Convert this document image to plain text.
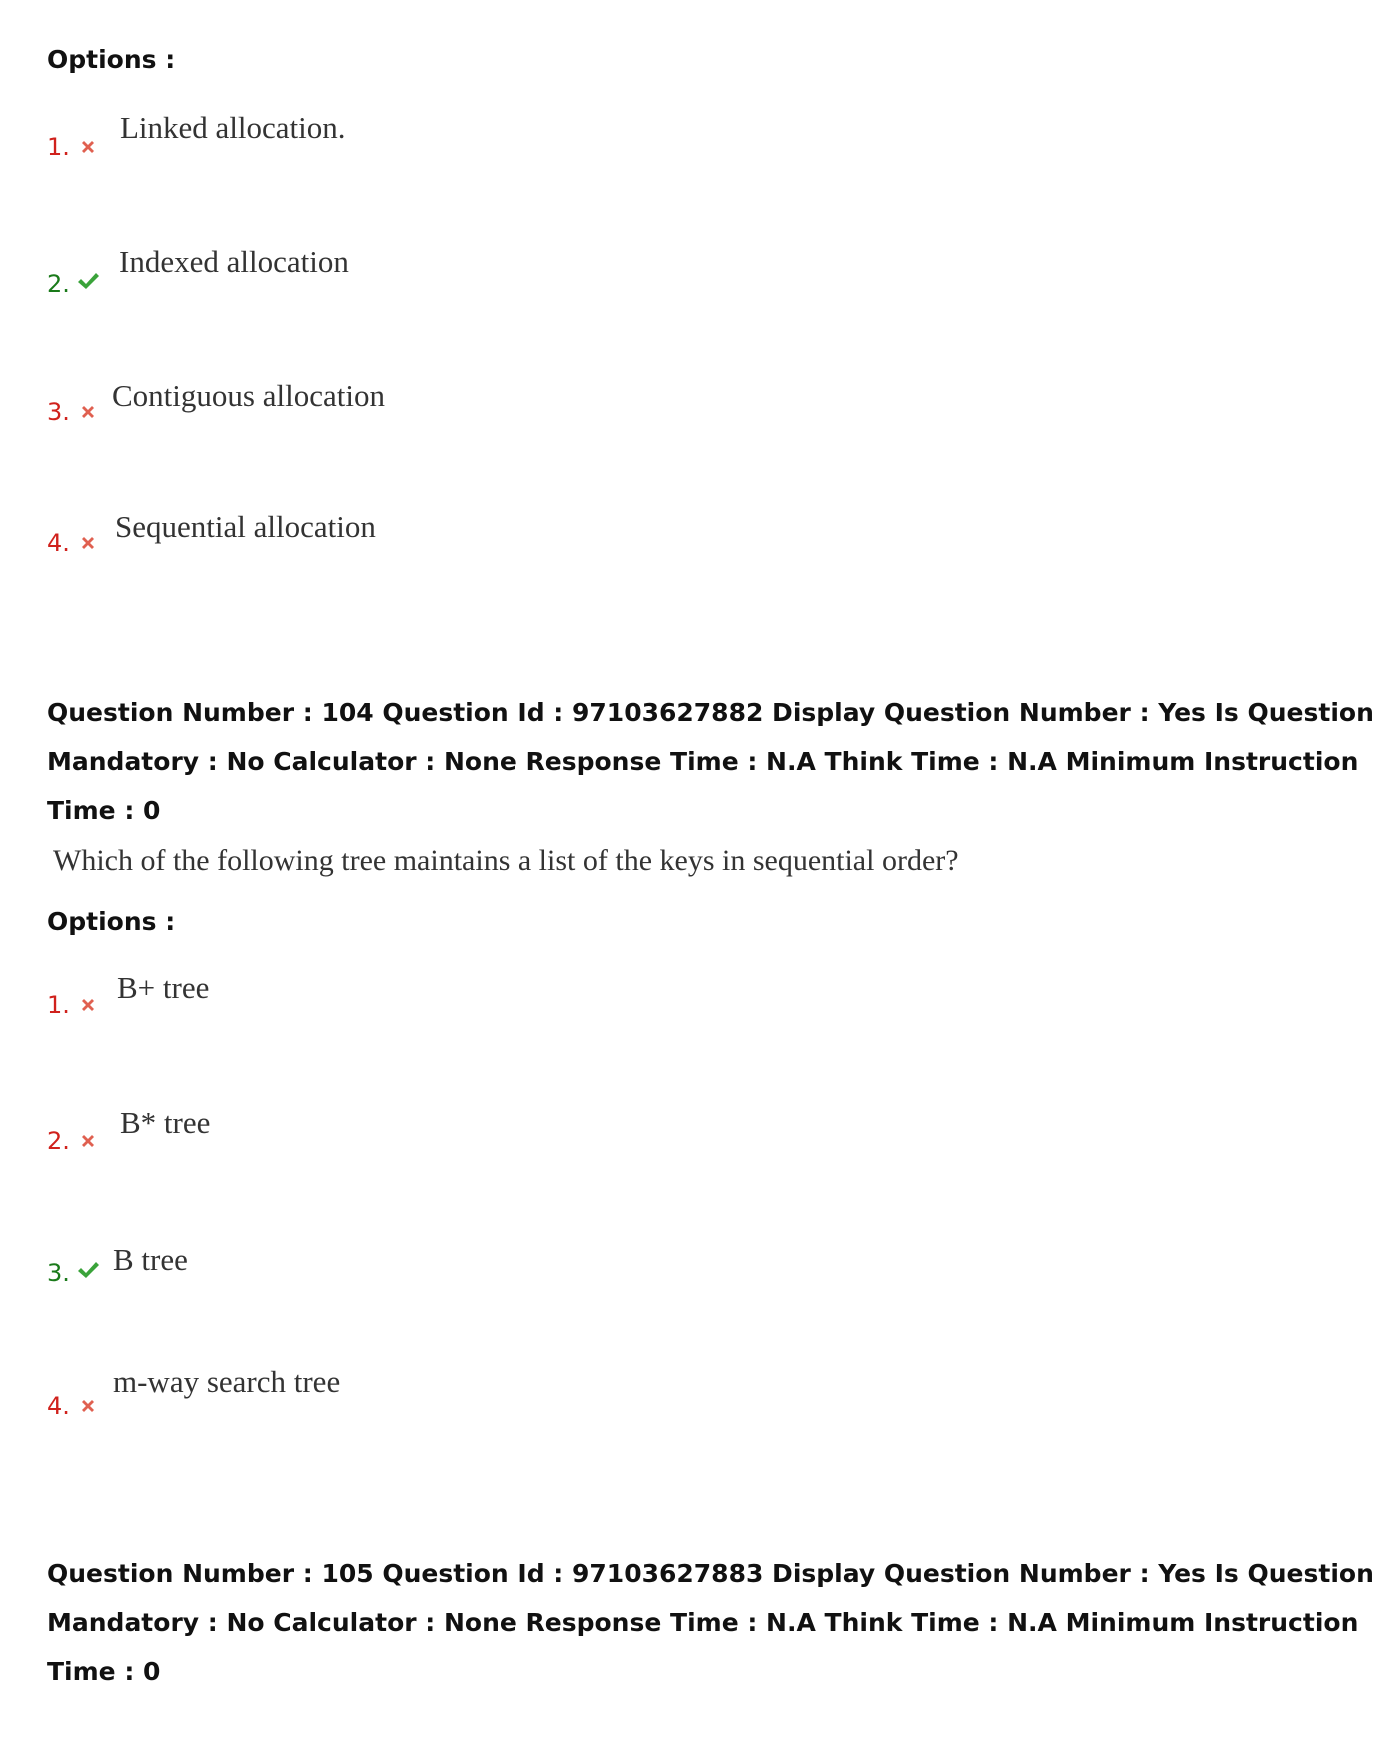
Options :
1.
Linked allocation.
2.
Indexed allocation
3. Contiguous allocation
4. Sequential allocation
Question Number : 104 Question Id : 97103627882 Display Question Number : Yes Is Question
Mandatory : No Calculator : None Response Time : N.A Think Time : N.A Minimum Instruction
Time : 0
Which of the following tree maintains a list of the keys in sequential order?
Options :
1. B+ tree
2.
B* tree
3. B tree
4.
m-way search tree
Question Number : 105 Question Id : 97103627883 Display Question Number : Yes Is Question
Mandatory : No Calculator : None Response Time : N.A Think Time : N.A Minimum Instruction
Time : 0
